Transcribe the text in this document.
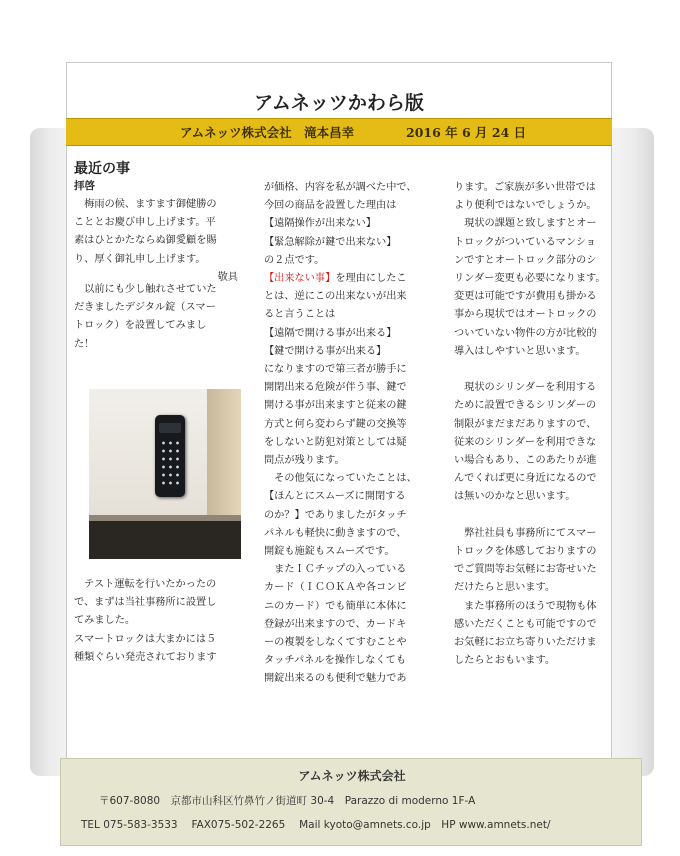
アムネッツかわら版
アムネッツ株式会社　滝本昌幸	2016 年 6 月 24 日
最近の事
拝啓

　梅雨の候、ますます御健勝の

こととお慶び申し上げます。平

素はひとかたならぬ御愛顧を賜

り、厚く御礼申し上げます。

敬具

　以前にも少し触れさせていた

だきましたデジタル錠（スマー

トロック）を設置してみまし

た！

　テスト運転を行いたかったの

で、まずは当社事務所に設置し

てみました。

スマートロックは大まかには５

種類ぐらい発売されております

が価格、内容を私が調べた中で、

今回の商品を設置した理由は

【遠隔操作が出来ない】

【緊急解除が鍵で出来ない】

の２点です。

【出来ない事】を理由にしたこ

とは、逆にこの出来ないが出来

ると言うことは

【遠隔で開ける事が出来る】

【鍵で開ける事が出来る】

になりますので第三者が勝手に

開閉出来る危険が伴う事、鍵で

開ける事が出来ますと従来の鍵

方式と何ら変わらず鍵の交換等

をしないと防犯対策としては疑

問点が残ります。

　その他気になっていたことは、

【ほんとにスムーズに開閉する

のか？】でありましたがタッチ

パネルも軽快に動きますので、

開錠も施錠もスムーズです。

　またＩＣチップの入っている

カード（ＩＣＯＫＡや各コンビ

ニのカード）でも簡単に本体に

登録が出来ますので、カードキ

ーの複製をしなくてすむことや

タッチパネルを操作しなくても

開錠出来るのも便利で魅力であ

ります。ご家族が多い世帯では

より便利ではないでしょうか。

　現状の課題と致しますとオー

トロックがついているマンショ

ンですとオートロック部分のシ

リンダー変更も必要になります。

変更は可能ですが費用も掛かる

事から現状ではオートロックの

ついていない物件の方が比較的

導入はしやすいと思います。

　現状のシリンダーを利用する

ために設置できるシリンダーの

制限がまだまだありますので、

従来のシリンダーを利用できな

い場合もあり、このあたりが進

んでくれば更に身近になるので

は無いのかなと思います。

　弊社社員も事務所にてスマー

トロックを体感しておりますの

でご質問等お気軽にお寄せいた

だけたらと思います。

　また事務所のほうで現物も体

感いただくことも可能ですので

お気軽にお立ち寄りいただけま

したらとおもいます。

アムネッツ株式会社
〒607-8080　京都市山科区竹鼻竹ノ街道町 30-4　Parazzo di moderno 1F-A
TEL 075-583-3533　 FAX075-502-2265　 Mail kyoto@amnets.co.jp　HP www.amnets.net/
